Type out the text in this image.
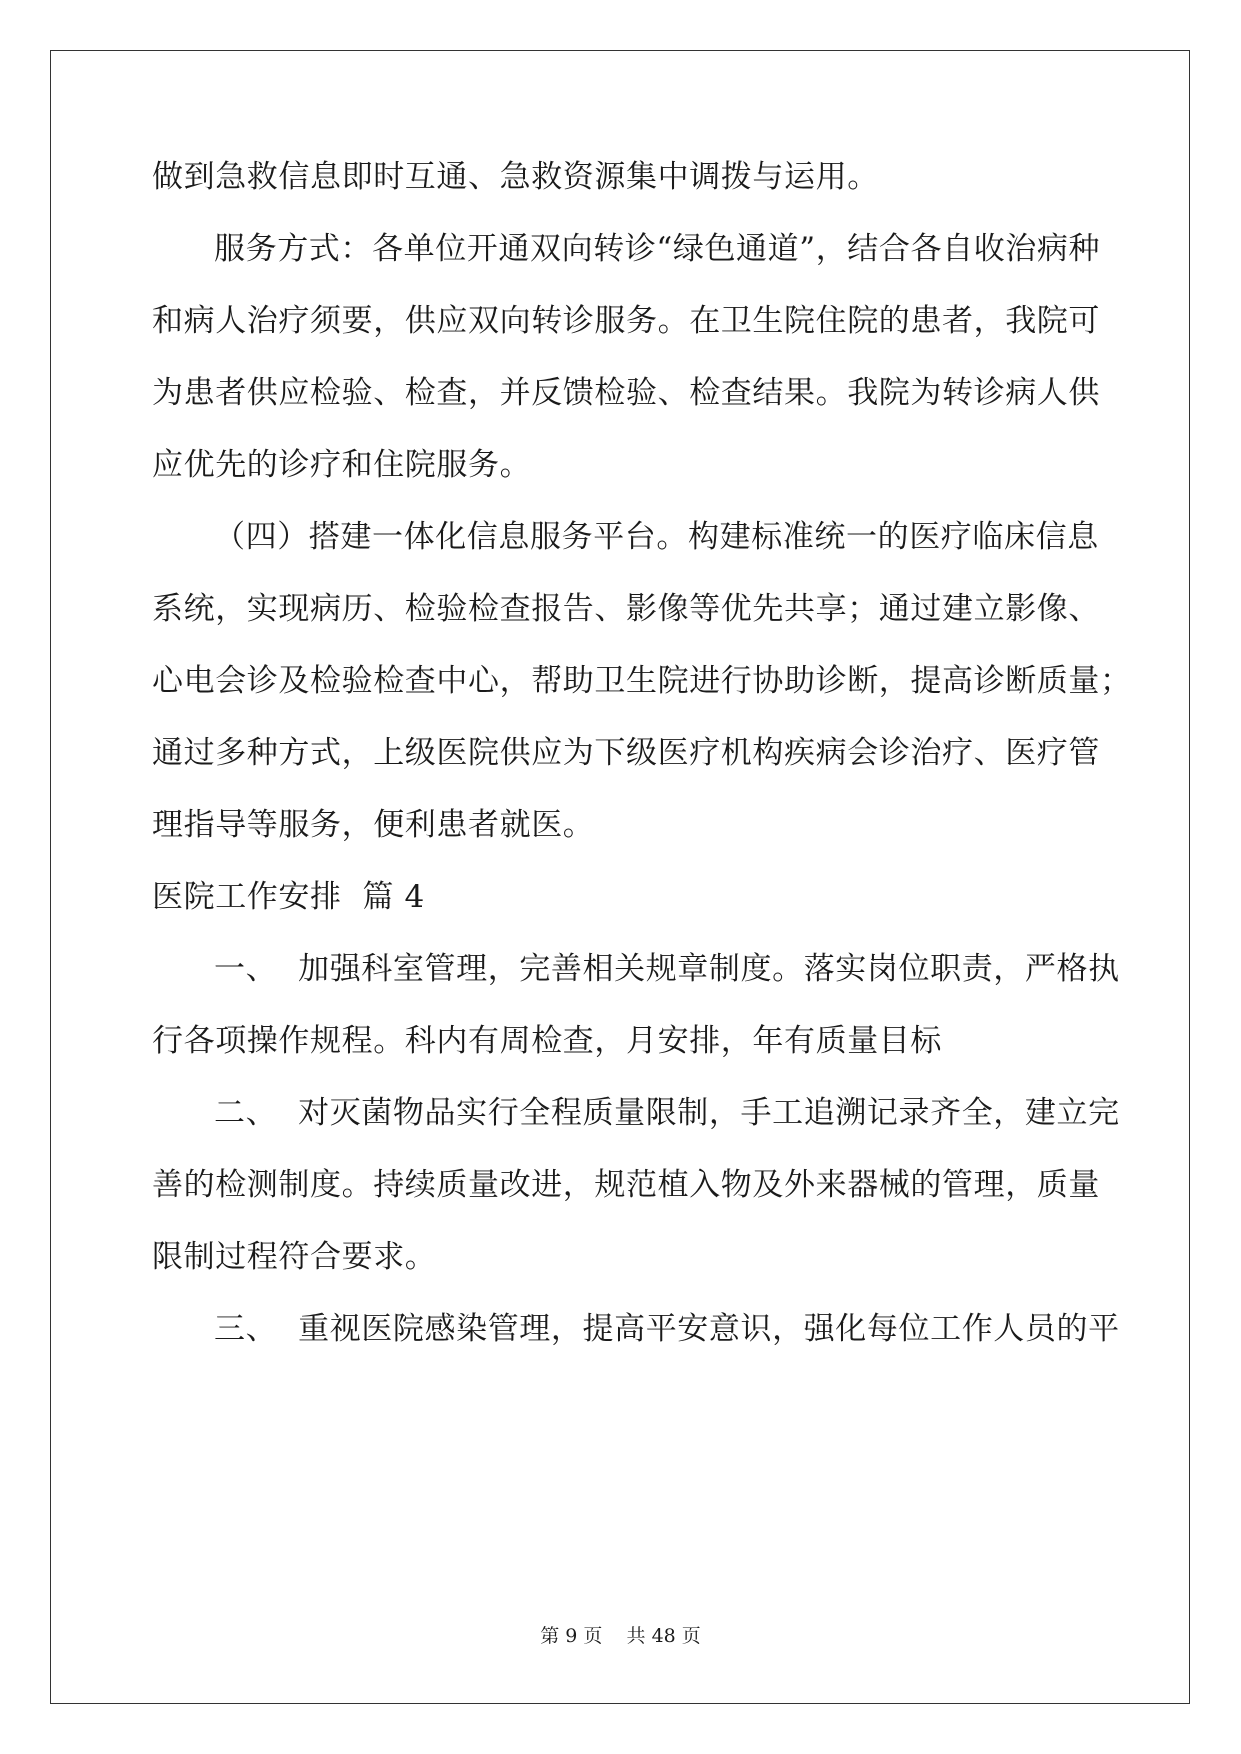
做到急救信息即时互通、急救资源集中调拨与运用。
服务方式：各单位开通双向转诊“绿色通道”，结合各自收治病种
和病人治疗须要，供应双向转诊服务。在卫生院住院的患者，我院可
为患者供应检验、检查，并反馈检验、检查结果。我院为转诊病人供
应优先的诊疗和住院服务。
（四）搭建一体化信息服务平台。构建标准统一的医疗临床信息
系统，实现病历、检验检查报告、影像等优先共享；通过建立影像、
心电会诊及检验检查中心，帮助卫生院进行协助诊断，提高诊断质量；
通过多种方式，上级医院供应为下级医疗机构疾病会诊治疗、医疗管
理指导等服务，便利患者就医。
医院工作安排  篇 4
一、  加强科室管理，完善相关规章制度。落实岗位职责，严格执
行各项操作规程。科内有周检查，月安排，年有质量目标
二、  对灭菌物品实行全程质量限制，手工追溯记录齐全，建立完
善的检测制度。持续质量改进，规范植入物及外来器械的管理，质量
限制过程符合要求。
三、  重视医院感染管理，提高平安意识，强化每位工作人员的平
第 9 页    共 48 页
